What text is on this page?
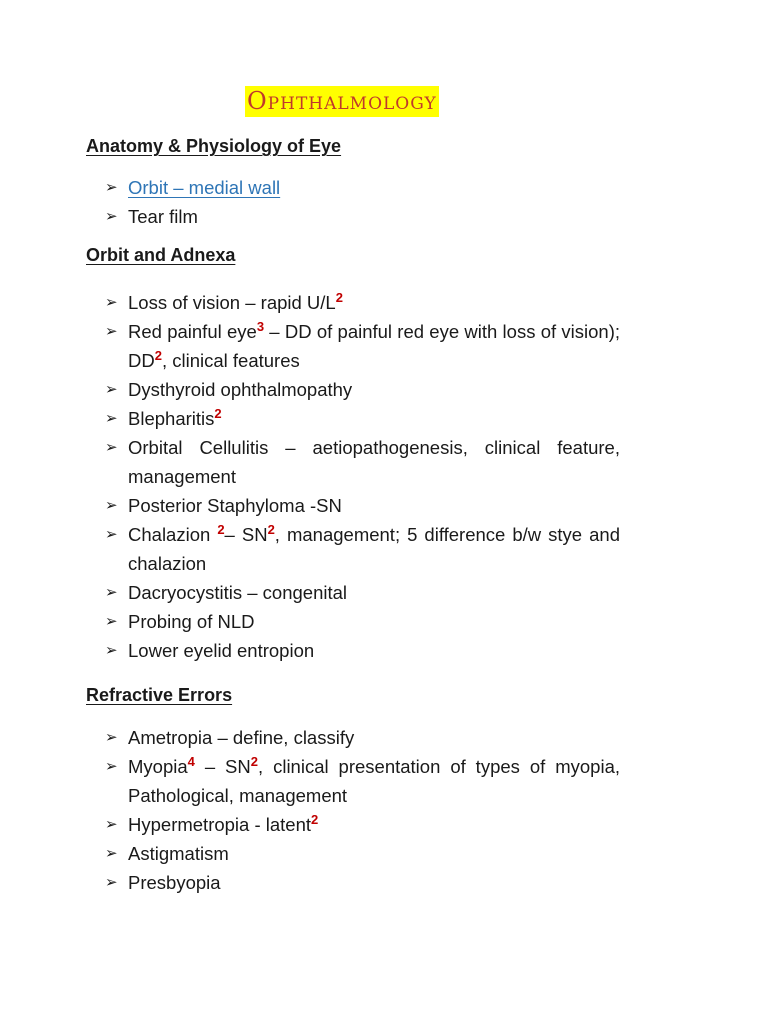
Ophthalmology
Anatomy & Physiology of Eye
➢ Orbit – medial wall
➢ Tear film
Orbit and Adnexa
➢ Loss of vision – rapid $U/L^2$
➢ Red painful eye$^3$ – DD of painful red eye with loss of vision); $DD^2$, clinical features
➢ Dysthyroid ophthalmopathy
➢ Blepharitis$^2$
➢ Orbital Cellulitis – aetiopathogenesis, clinical feature, management
➢ Posterior Staphyloma -SN
➢ Chalazion $^2$– $SN^2$, management; 5 difference b/w stye and chalazion
➢ Dacryocystitis – congenital
➢ Probing of NLD
➢ Lower eyelid entropion
Refractive Errors
➢ Ametropia – define, classify
➢ Myopia$^4$ – $SN^2$, clinical presentation of types of myopia, Pathological, management
➢ Hypermetropia - latent$^2$
➢ Astigmatism
➢ Presbyopia
